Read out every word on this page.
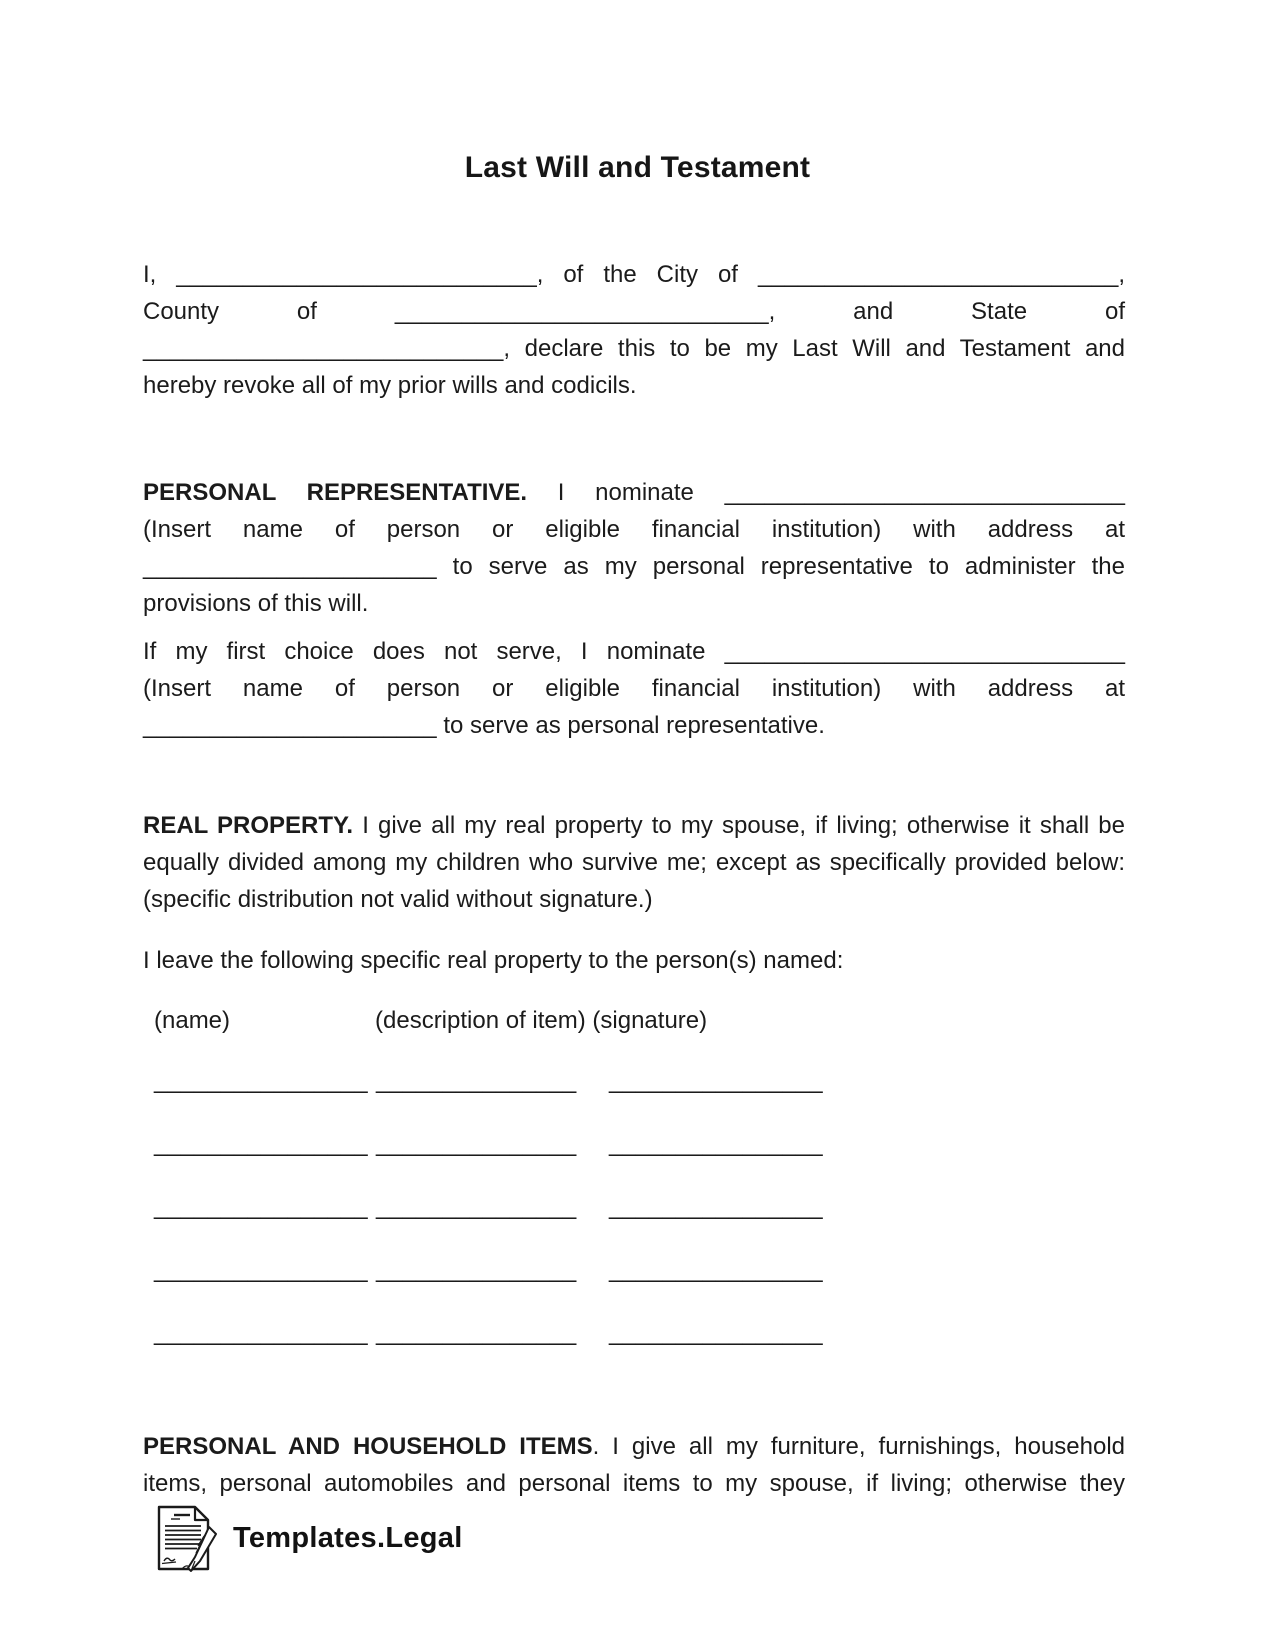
Last Will and Testament
I, ___________________________, of the City of ___________________________,
County of ____________________________, and State of
___________________________, declare this to be my Last Will and Testament and
hereby revoke all of my prior wills and codicils.
PERSONAL REPRESENTATIVE. I nominate ______________________________
(Insert name of person or eligible financial institution) with address at
______________________ to serve as my personal representative to administer the
provisions of this will.
If my first choice does not serve, I nominate ______________________________
(Insert name of person or eligible financial institution) with address at
______________________ to serve as personal representative.
REAL PROPERTY. I give all my real property to my spouse, if living; otherwise it shall be
equally divided among my children who survive me; except as specifically provided below:
(specific distribution not valid without signature.)
I leave the following specific real property to the person(s) named:
(name)	(description of item) (signature)
________________ _______________ ________________
________________ _______________ ________________
________________ _______________ ________________
________________ _______________ ________________
________________ _______________ ________________
PERSONAL AND HOUSEHOLD ITEMS. I give all my furniture, furnishings, household
items, personal automobiles and personal items to my spouse, if living; otherwise they
Templates.Legal
